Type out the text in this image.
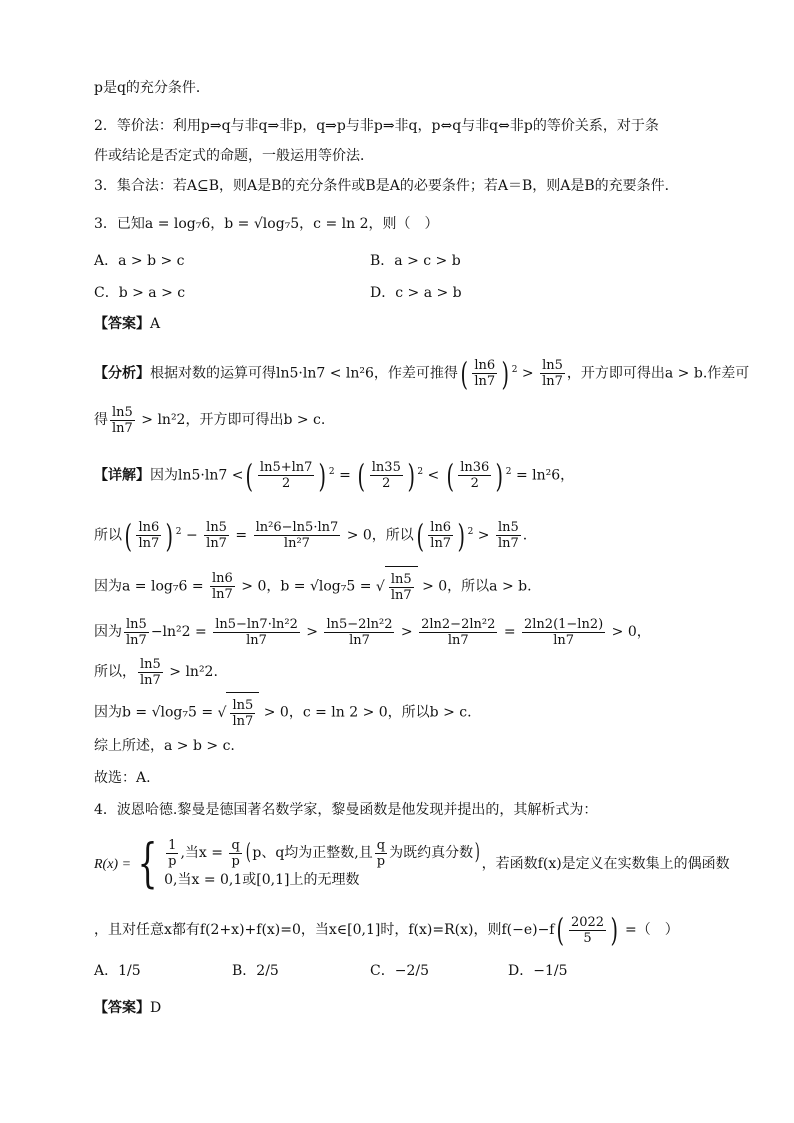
p是q的充分条件．
2．等价法：利用p⇒q与非q⇒非p，q⇒p与非p⇒非q，p⇔q与非q⇔非p的等价关系，对于条
件或结论是否定式的命题，一般运用等价法．
3．集合法：若A⊆B，则A是B的充分条件或B是A的必要条件；若A＝B，则A是B的充要条件．
3．已知a = log₇6，b = √log₇5，c = ln 2，则（　）
A．a > b > c	B．a > c > b
C．b > a > c	D．c > a > b
【答案】A
【分析】根据对数的运算可得ln5·ln7 < ln²6，作差可推得( $\frac{\ln 6}{\ln 7}$ ) $^2 > \frac{\ln 5}{\ln 7}$ ，开方即可得出a > b.作差可
得 $\frac{\ln 5}{\ln 7} > \ln^22$，开方即可得出b > c.
【详解】因为ln5·ln7 <( $\frac{\ln 5+\ln 7}{2}$ ) $^2$ = ( $\frac{\ln 35}{2}$ ) $^2$ < ( $\frac{\ln 36}{2}$ ) $^2$ = ln²6，
所以( $\frac{\ln 6}{\ln 7}$ ) $^2 - \frac{\ln 5}{\ln 7} = \frac{\text{ln²6−ln5·ln7}}{\text{ln²7}} > 0$，所以( $\frac{\ln 6}{\ln 7}$ ) $^2 > \frac{\ln 5}{\ln 7}$ .
因为$a = \log_76 = \frac{\ln 6}{\ln 7} > 0$，b = √log₇5 = √ $\frac{\ln 5}{\ln 7} > 0$，所以a > b.
因为 $\frac{\ln 5}{\ln 7} -\ln^22 = \frac{\text{ln5−ln7·ln²2}}{\ln 7} > \frac{\text{ln5−2ln²2}}{\ln 7} > \frac{\text{2ln2−2ln²2}}{\ln 7} = \frac{2\ln 2(1-\ln 2)}{\ln 7} > 0$，
所以， $\frac{\ln 5}{\ln 7} > \ln^22$.
因为b = √log₇5 = √ $\frac{\ln 5}{\ln 7} > 0$，c = ln 2 > 0，所以b > c.
综上所述，a > b > c.
故选：A.
4．波恩哈德.黎曼是德国著名数学家，黎曼函数是他发现并提出的，其解析式为：
R(x) = { $\frac{1}{p}$ ,当$x = \frac{q}{p}$ ( p、q均为正整数,且 $\frac{q}{p}$ 为既约真分数)
0,当x = 0,1或[0,1]上的无理数
，若函数f(x)是定义在实数集上的偶函数
，且对任意x都有f(2+x)+f(x)=0，当x∈[0,1]时，f(x)=R(x)，则$f(-e)-f( \frac{2022}{5}$ ) =（　）
A．1/5	B．2/5	C．−2/5	D．−1/5
【答案】D
